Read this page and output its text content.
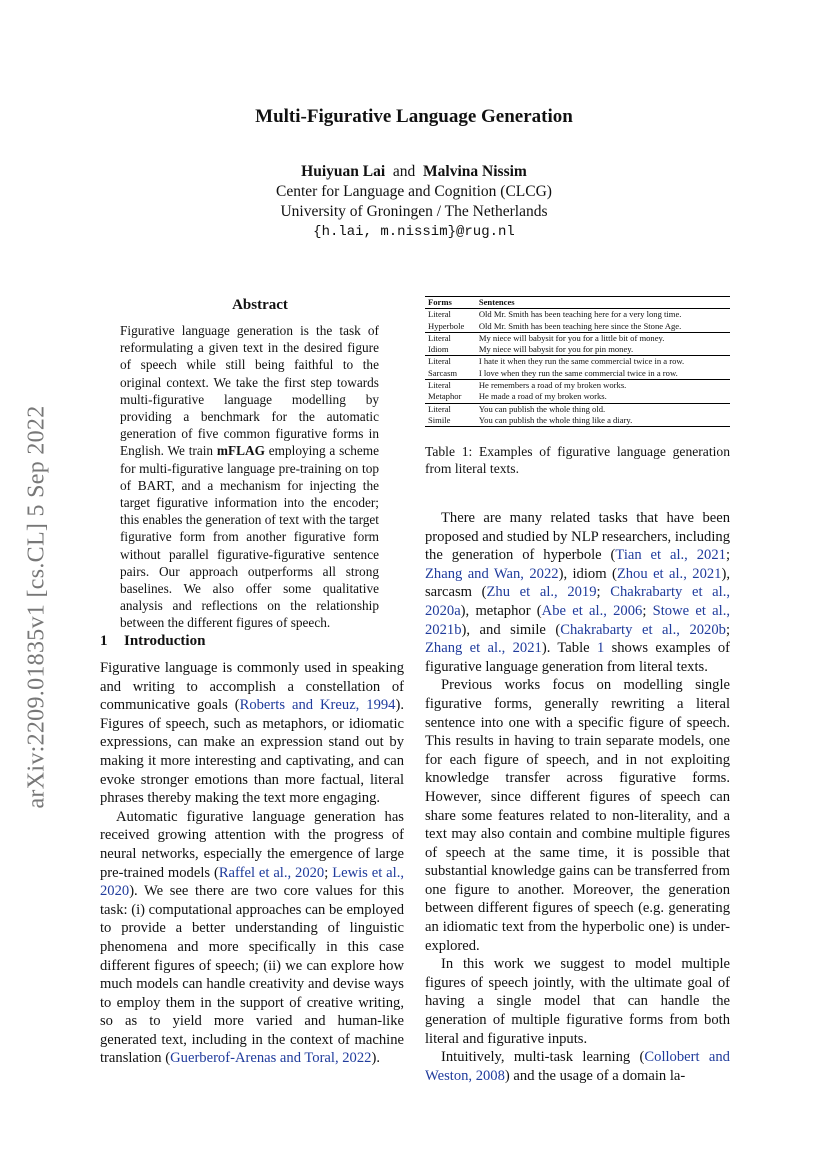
Multi-Figurative Language Generation
Huiyuan Lai and Malvina Nissim
Center for Language and Cognition (CLCG)
University of Groningen / The Netherlands
{h.lai, m.nissim}@rug.nl
arXiv:2209.01835v1 [cs.CL] 5 Sep 2022
Abstract
Figurative language generation is the task of reformulating a given text in the desired figure of speech while still being faithful to the original context. We take the first step towards multi-figurative language modelling by providing a benchmark for the automatic generation of five common figurative forms in English. We train mFLAG employing a scheme for multi-figurative language pre-training on top of BART, and a mechanism for injecting the target figurative information into the encoder; this enables the generation of text with the target figurative form from another figurative form without parallel figurative-figurative sentence pairs. Our approach outperforms all strong baselines. We also offer some qualitative analysis and reflections on the relationship between the different figures of speech.
1 Introduction

Figurative language is commonly used in speaking and writing to accomplish a constellation of communicative goals (Roberts and Kreuz, 1994). Figures of speech, such as metaphors, or idiomatic expressions, can make an expression stand out by making it more interesting and captivating, and can evoke stronger emotions than more factual, literal phrases thereby making the text more engaging.

Automatic figurative language generation has received growing attention with the progress of neural networks, especially the emergence of large pre-trained models (Raffel et al., 2020; Lewis et al., 2020). We see there are two core values for this task: (i) computational approaches can be employed to provide a better understanding of linguistic phenomena and more specifically in this case different figures of speech; (ii) we can explore how much models can handle creativity and devise ways to employ them in the support of creative writing, so as to yield more varied and human-like generated text, including in the context of machine translation (Guerberof-Arenas and Toral, 2022).

Forms	Sentences
Literal	Old Mr. Smith has been teaching here for a very long time.
Hyperbole	Old Mr. Smith has been teaching here since the Stone Age.
Literal	My niece will babysit for you for a little bit of money.
Idiom	My niece will babysit for you for pin money.
Literal	I hate it when they run the same commercial twice in a row.
Sarcasm	I love when they run the same commercial twice in a row.
Literal	He remembers a road of my broken works.
Metaphor	He made a road of my broken works.
Literal	You can publish the whole thing old.
Simile	You can publish the whole thing like a diary.
Table 1: Examples of figurative language generation from literal texts.

There are many related tasks that have been proposed and studied by NLP researchers, including the generation of hyperbole (Tian et al., 2021; Zhang and Wan, 2022), idiom (Zhou et al., 2021), sarcasm (Zhu et al., 2019; Chakrabarty et al., 2020a), metaphor (Abe et al., 2006; Stowe et al., 2021b), and simile (Chakrabarty et al., 2020b; Zhang et al., 2021). Table 1 shows examples of figurative language generation from literal texts.

Previous works focus on modelling single figurative forms, generally rewriting a literal sentence into one with a specific figure of speech. This results in having to train separate models, one for each figure of speech, and in not exploiting knowledge transfer across figurative forms. However, since different figures of speech can share some features related to non-literality, and a text may also contain and combine multiple figures of speech at the same time, it is possible that substantial knowledge gains can be transferred from one figure to another. Moreover, the generation between different figures of speech (e.g. generating an idiomatic text from the hyperbolic one) is under-explored.

In this work we suggest to model multiple figures of speech jointly, with the ultimate goal of having a single model that can handle the generation of multiple figurative forms from both literal and figurative inputs.

Intuitively, multi-task learning (Collobert and Weston, 2008) and the usage of a domain la-
